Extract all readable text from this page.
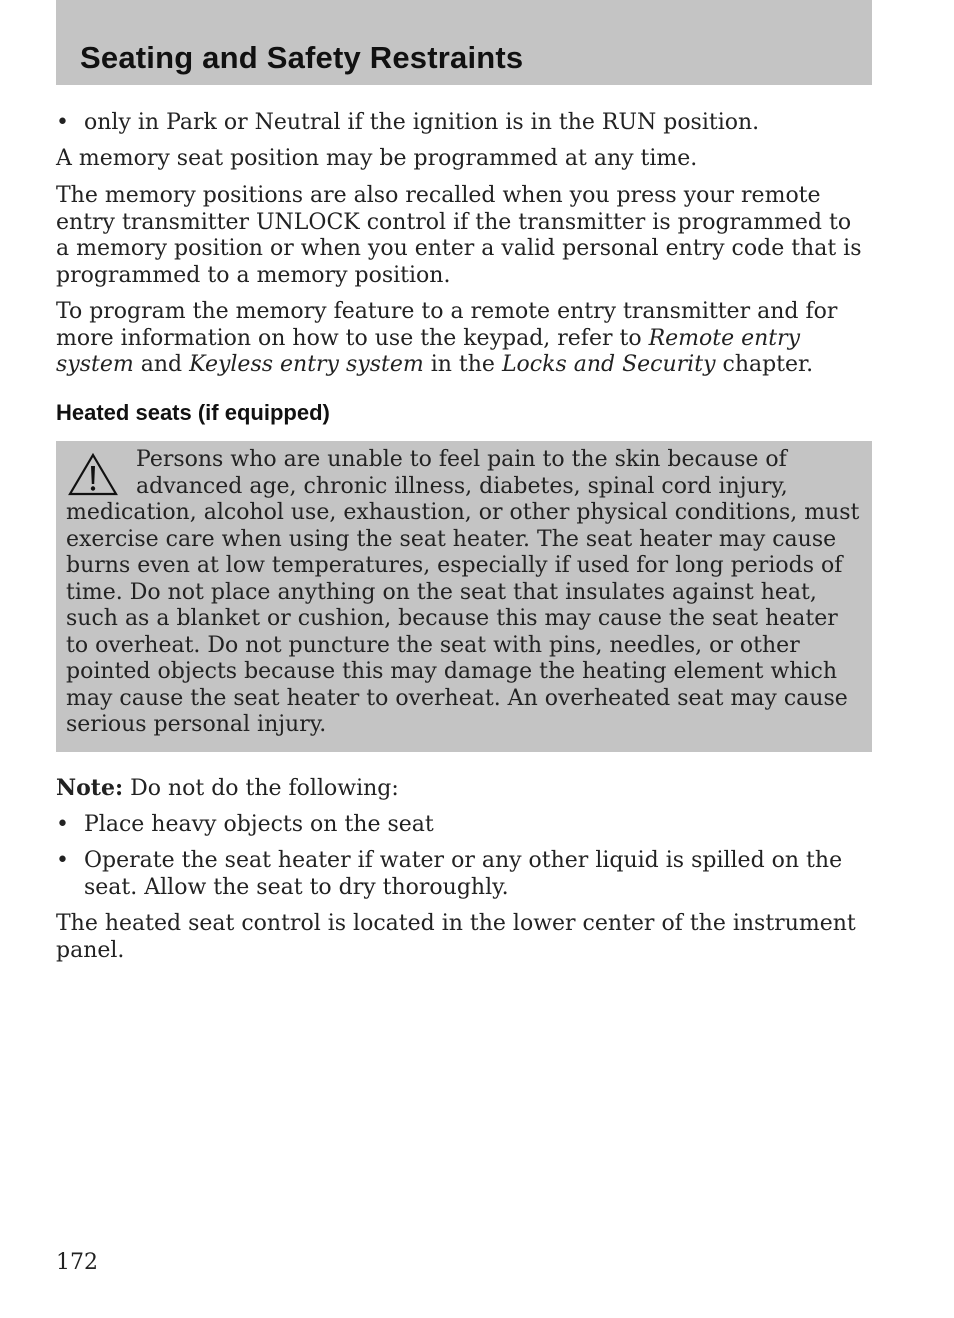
Seating and Safety Restraints
• only in Park or Neutral if the ignition is in the RUN position.

A memory seat position may be programmed at any time.

The memory positions are also recalled when you press your remote entry transmitter UNLOCK control if the transmitter is programmed to a memory position or when you enter a valid personal entry code that is programmed to a memory position.

To program the memory feature to a remote entry transmitter and for more information on how to use the keypad, refer to Remote entry system and Keyless entry system in the Locks and Security chapter.

Heated seats (if equipped)
Persons who are unable to feel pain to the skin because of advanced age, chronic illness, diabetes, spinal cord injury, medication, alcohol use, exhaustion, or other physical conditions, must exercise care when using the seat heater. The seat heater may cause burns even at low temperatures, especially if used for long periods of time. Do not place anything on the seat that insulates against heat, such as a blanket or cushion, because this may cause the seat heater to overheat. Do not puncture the seat with pins, needles, or other pointed objects because this may damage the heating element which may cause the seat heater to overheat. An overheated seat may cause serious personal injury.

Note: Do not do the following:

• Place heavy objects on the seat
• Operate the seat heater if water or any other liquid is spilled on the seat. Allow the seat to dry thoroughly.

The heated seat control is located in the lower center of the instrument panel.

172
